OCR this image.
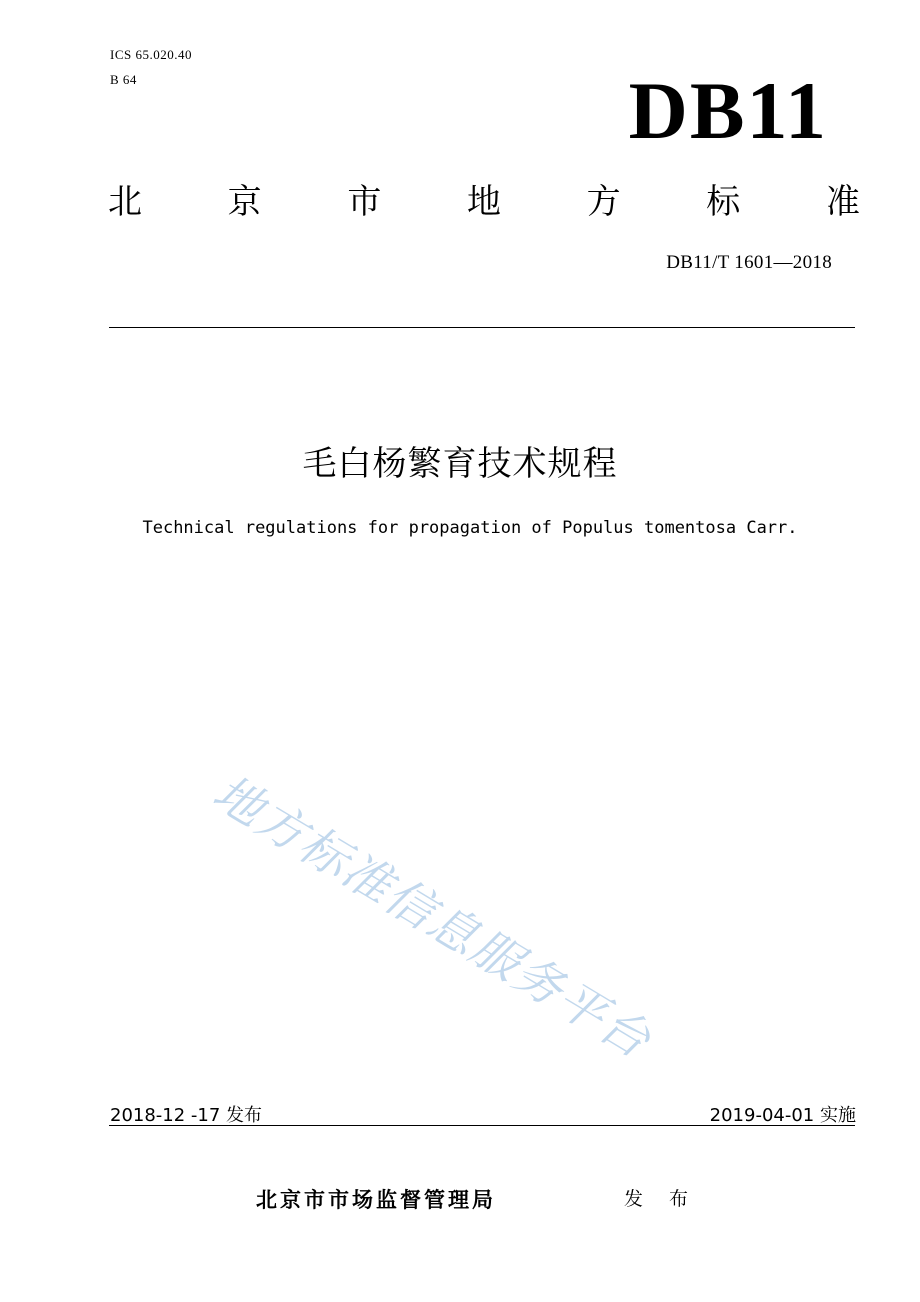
ICS 65.020.40
B 64	DB11
北	京	市	地	方	标	准
DB11/T 1601—2018
毛白杨繁育技术规程
Technical regulations for propagation of Populus tomentosa Carr.
地方标准信息服务平台
2018-12 -17 发布	2019-04-01 实施
北京市市场监督管理局	发 布
